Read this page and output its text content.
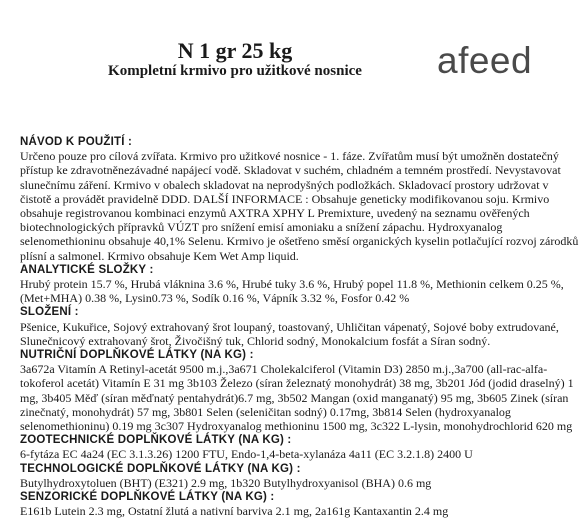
N 1 gr 25 kg
Kompletní krmivo pro užitkové nosnice	afeed

NÁVOD K POUŽITÍ :

Určeno pouze pro cílová zvířata. Krmivo pro užitkové nosnice - 1. fáze. Zvířatům musí být umožněn dostatečný přístup ke zdravotněnezávadné napájecí vodě. Skladovat v suchém, chladném a temném prostředí. Nevystavovat slunečnímu záření. Krmivo v obalech skladovat na neprodyšných podložkách. Skladovací prostory udržovat v čistotě a provádět pravidelně DDD. DALŠÍ INFORMACE : Obsahuje geneticky modifikovanou soju. Krmivo obsahuje registrovanou kombinaci enzymů AXTRA XPHY L Premixture, uvedený na seznamu ověřených biotechnologických přípravků VÚZT pro snížení emisí amoniaku a snížení zápachu. Hydroxyanalog selenomethioninu obsahuje 40,1% Selenu. Krmivo je ošetřeno směsí organických kyselin potlačující rozvoj zárodků plísní a salmonel. Krmivo obsahuje Kem Wet Amp liquid.

ANALYTICKÉ SLOŽKY :

Hrubý protein 15.7 %, Hrubá vláknina 3.6 %, Hrubé tuky 3.6 %, Hrubý popel 11.8 %, Methionin celkem 0.25 %, (Met+MHA) 0.38 %, Lysin0.73 %, Sodík 0.16 %, Vápník 3.32 %, Fosfor 0.42 %

SLOŽENÍ :

Pšenice, Kukuřice, Sojový extrahovaný šrot loupaný, toastovaný, Uhličitan vápenatý, Sojové boby extrudované, Slunečnicový extrahovaný šrot, Živočišný tuk, Chlorid sodný, Monokalcium fosfát a Síran sodný.

NUTRIČNÍ DOPLŇKOVÉ LÁTKY (NA KG) :

3a672a Vitamín A Retinyl-acetát 9500 m.j.,3a671 Cholekalciferol (Vitamin D3) 2850 m.j.,3a700 (all-rac-alfa-tokoferol acetát) Vitamín E 31 mg 3b103 Železo (síran železnatý monohydrát) 38 mg, 3b201 Jód (jodid draselný) 1 mg, 3b405 Měď (síran měďnatý pentahydrát)6.7 mg, 3b502 Mangan (oxid manganatý) 95 mg, 3b605 Zinek (síran zinečnatý, monohydrát) 57 mg, 3b801 Selen (seleničitan sodný) 0.17mg, 3b814 Selen (hydroxyanalog selenomethioninu) 0.19 mg 3c307 Hydroxyanalog methioninu 1500 mg, 3c322 L-lysin, monohydrochlorid 620 mg

ZOOTECHNICKÉ DOPLŇKOVÉ LÁTKY (NA KG) :

6-fytáza EC 4a24 (EC 3.1.3.26) 1200 FTU, Endo-1,4-beta-xylanáza 4a11 (EC 3.2.1.8) 2400 U

TECHNOLOGICKÉ DOPLŇKOVÉ LÁTKY (NA KG) :

Butylhydroxytoluen (BHT) (E321) 2.9 mg, 1b320 Butylhydroxyanisol (BHA) 0.6 mg

SENZORICKÉ DOPLŇKOVÉ LÁTKY (NA KG) :

E161b Lutein 2.3 mg, Ostatní žlutá a nativní barviva 2.1 mg, 2a161g Kantaxantin 2.4 mg
